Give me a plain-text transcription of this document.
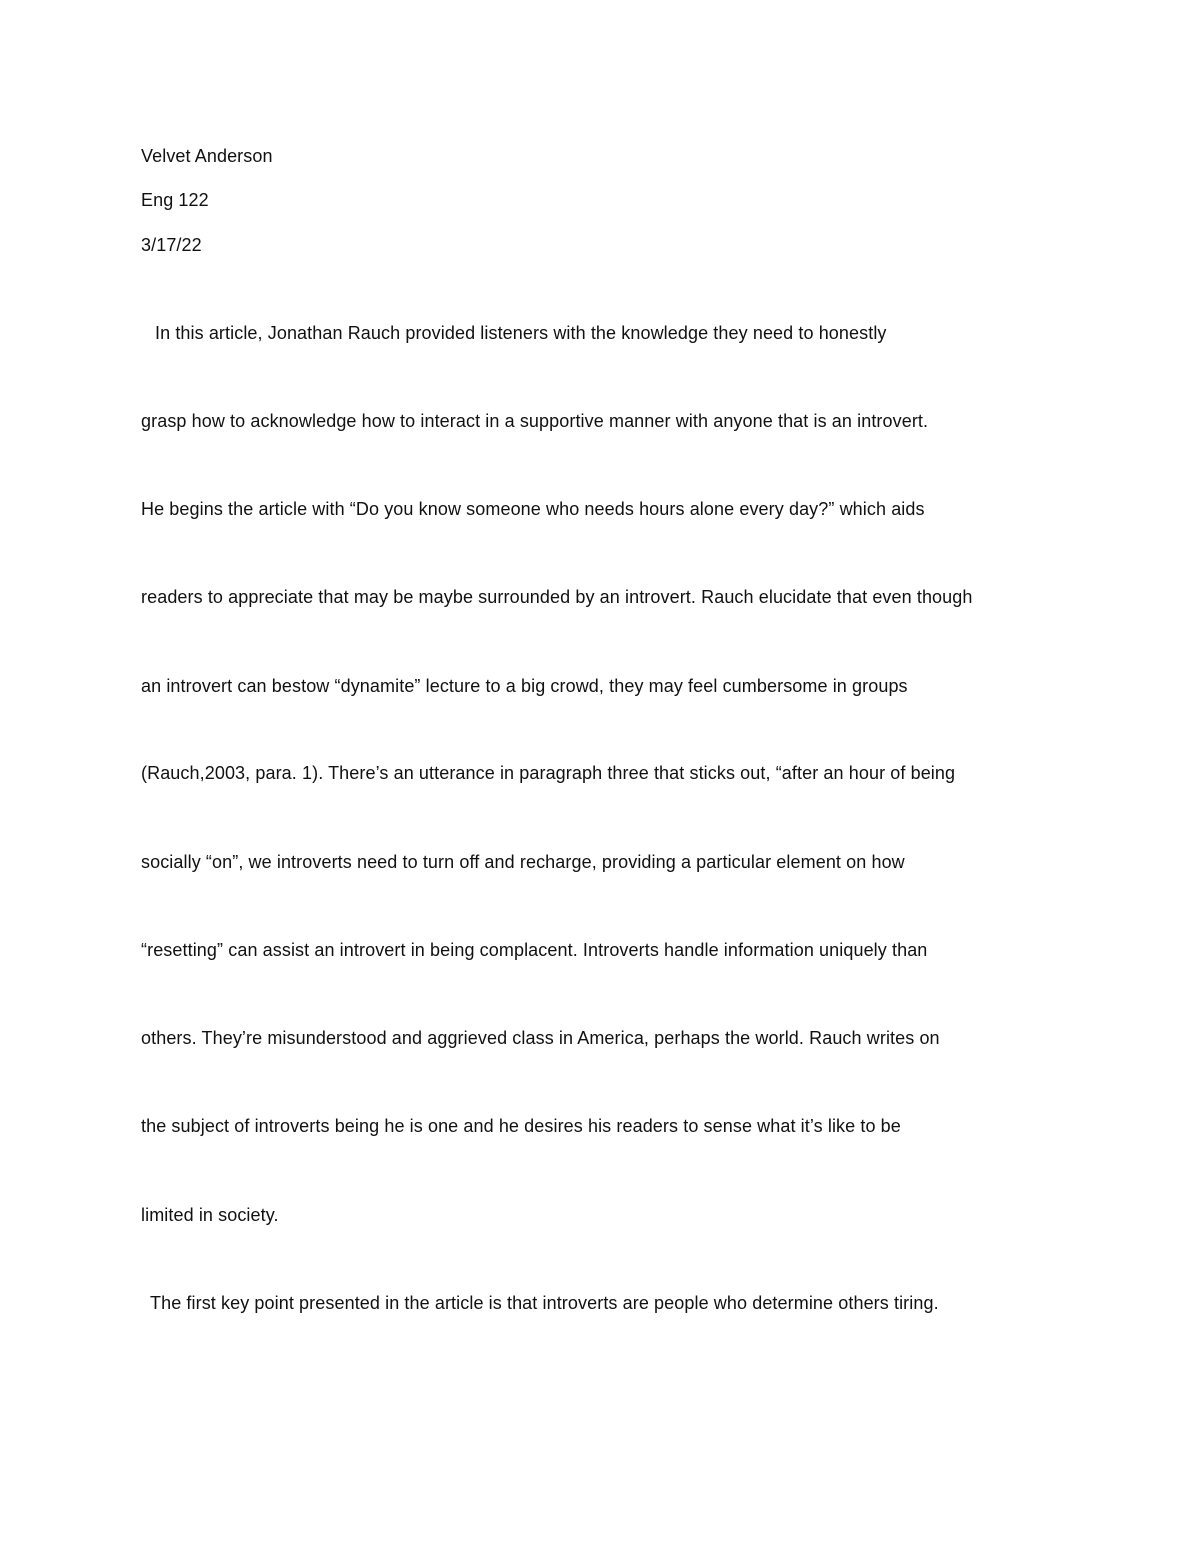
Velvet Anderson
Eng 122
3/17/22
In this article, Jonathan Rauch provided listeners with the knowledge they need to honestly
grasp how to acknowledge how to interact in a supportive manner with anyone that is an introvert.
He begins the article with “Do you know someone who needs hours alone every day?” which aids
readers to appreciate that may be maybe surrounded by an introvert. Rauch elucidate that even though
an introvert can bestow “dynamite” lecture to a big crowd, they may feel cumbersome in groups
(Rauch,2003, para. 1). There’s an utterance in paragraph three that sticks out, “after an hour of being
socially “on”, we introverts need to turn off and recharge, providing a particular element on how
“resetting” can assist an introvert in being complacent. Introverts handle information uniquely than
others. They’re misunderstood and aggrieved class in America, perhaps the world. Rauch writes on
the subject of introverts being he is one and he desires his readers to sense what it’s like to be
limited in society.
The first key point presented in the article is that introverts are people who determine others tiring.
